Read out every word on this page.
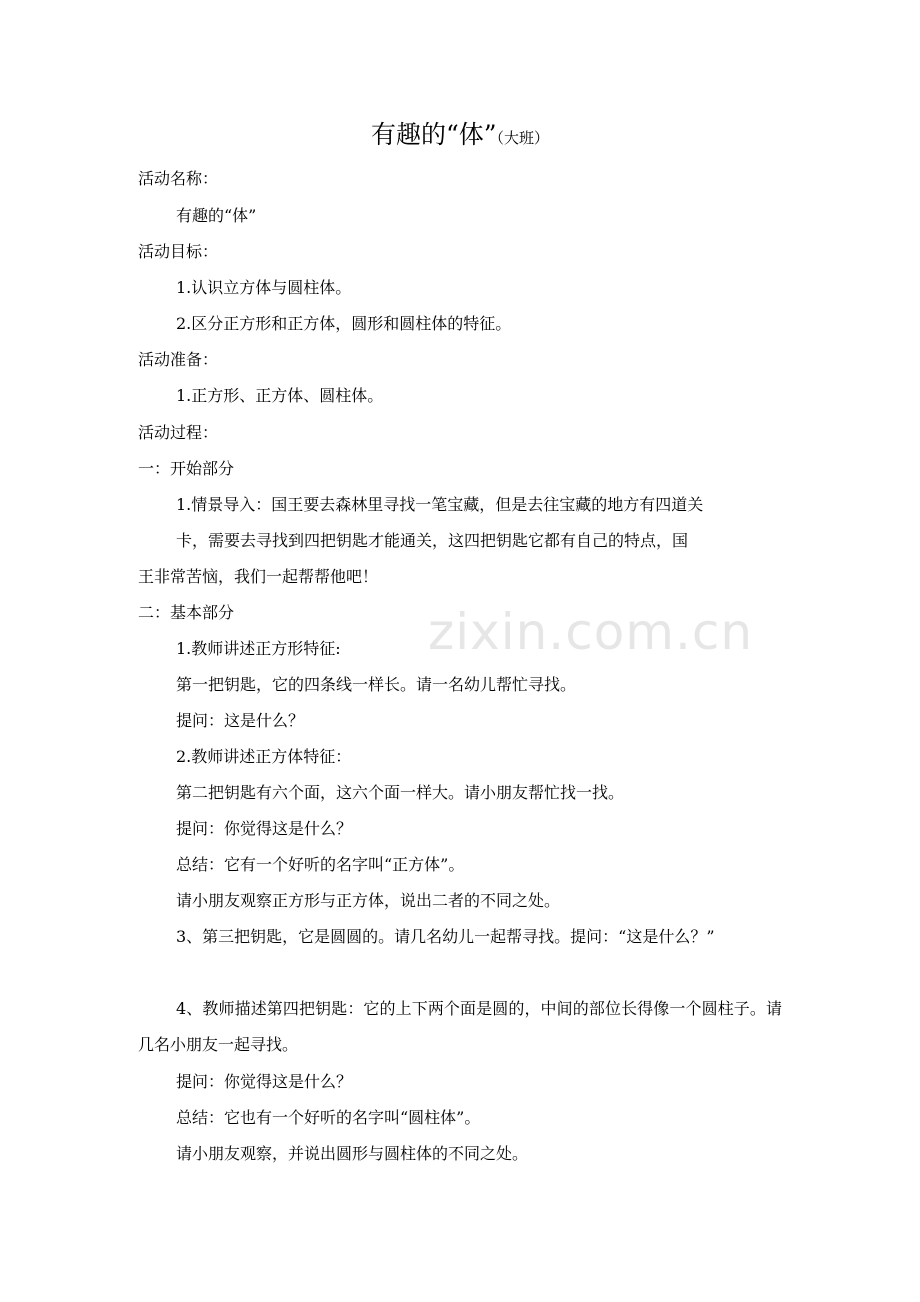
有趣的“体”（大班）
活动名称：
有趣的“体”
活动目标：
1.认识立方体与圆柱体。
2.区分正方形和正方体，圆形和圆柱体的特征。
活动准备：
1.正方形、正方体、圆柱体。
活动过程：
一：开始部分
1.情景导入：国王要去森林里寻找一笔宝藏，但是去往宝藏的地方有四道关
卡，需要去寻找到四把钥匙才能通关，这四把钥匙它都有自己的特点，国
王非常苦恼，我们一起帮帮他吧！
二：基本部分
1.教师讲述正方形特征:
第一把钥匙，它的四条线一样长。请一名幼儿帮忙寻找。
提问：这是什么？
2.教师讲述正方体特征：
第二把钥匙有六个面，这六个面一样大。请小朋友帮忙找一找。
提问：你觉得这是什么？
总结：它有一个好听的名字叫“正方体”。
请小朋友观察正方形与正方体，说出二者的不同之处。
3、第三把钥匙，它是圆圆的。请几名幼儿一起帮寻找。提问：“这是什么？”
4、教师描述第四把钥匙：它的上下两个面是圆的，中间的部位长得像一个圆柱子。请几名小朋友一起寻找。
提问：你觉得这是什么？
总结：它也有一个好听的名字叫“圆柱体”。
请小朋友观察，并说出圆形与圆柱体的不同之处。
zixin.com.cn
